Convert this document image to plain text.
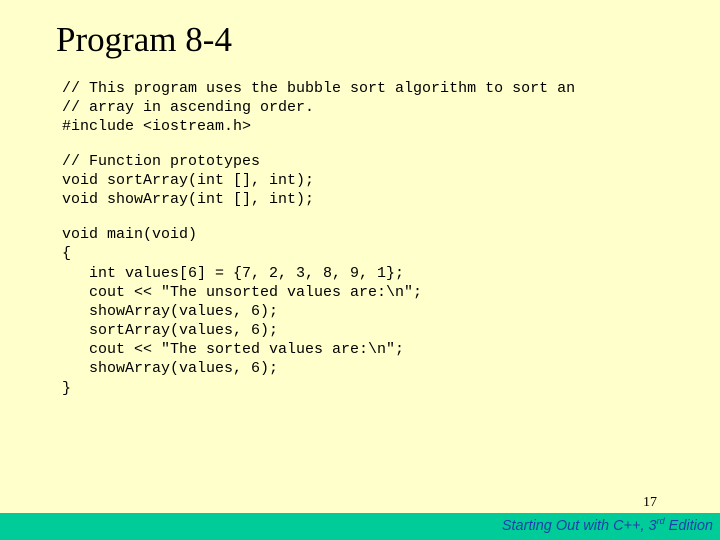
Program 8-4
// This program uses the bubble sort algorithm to sort an
// array in ascending order.
#include <iostream.h>
// Function prototypes
void sortArray(int [], int);
void showArray(int [], int);
void main(void)
{
int values[6] = {7, 2, 3, 8, 9, 1};
cout << "The unsorted values are:\n";
showArray(values, 6);
sortArray(values, 6);
cout << "The sorted values are:\n";
showArray(values, 6);
}
17
Starting Out with C++, 3rd Edition
